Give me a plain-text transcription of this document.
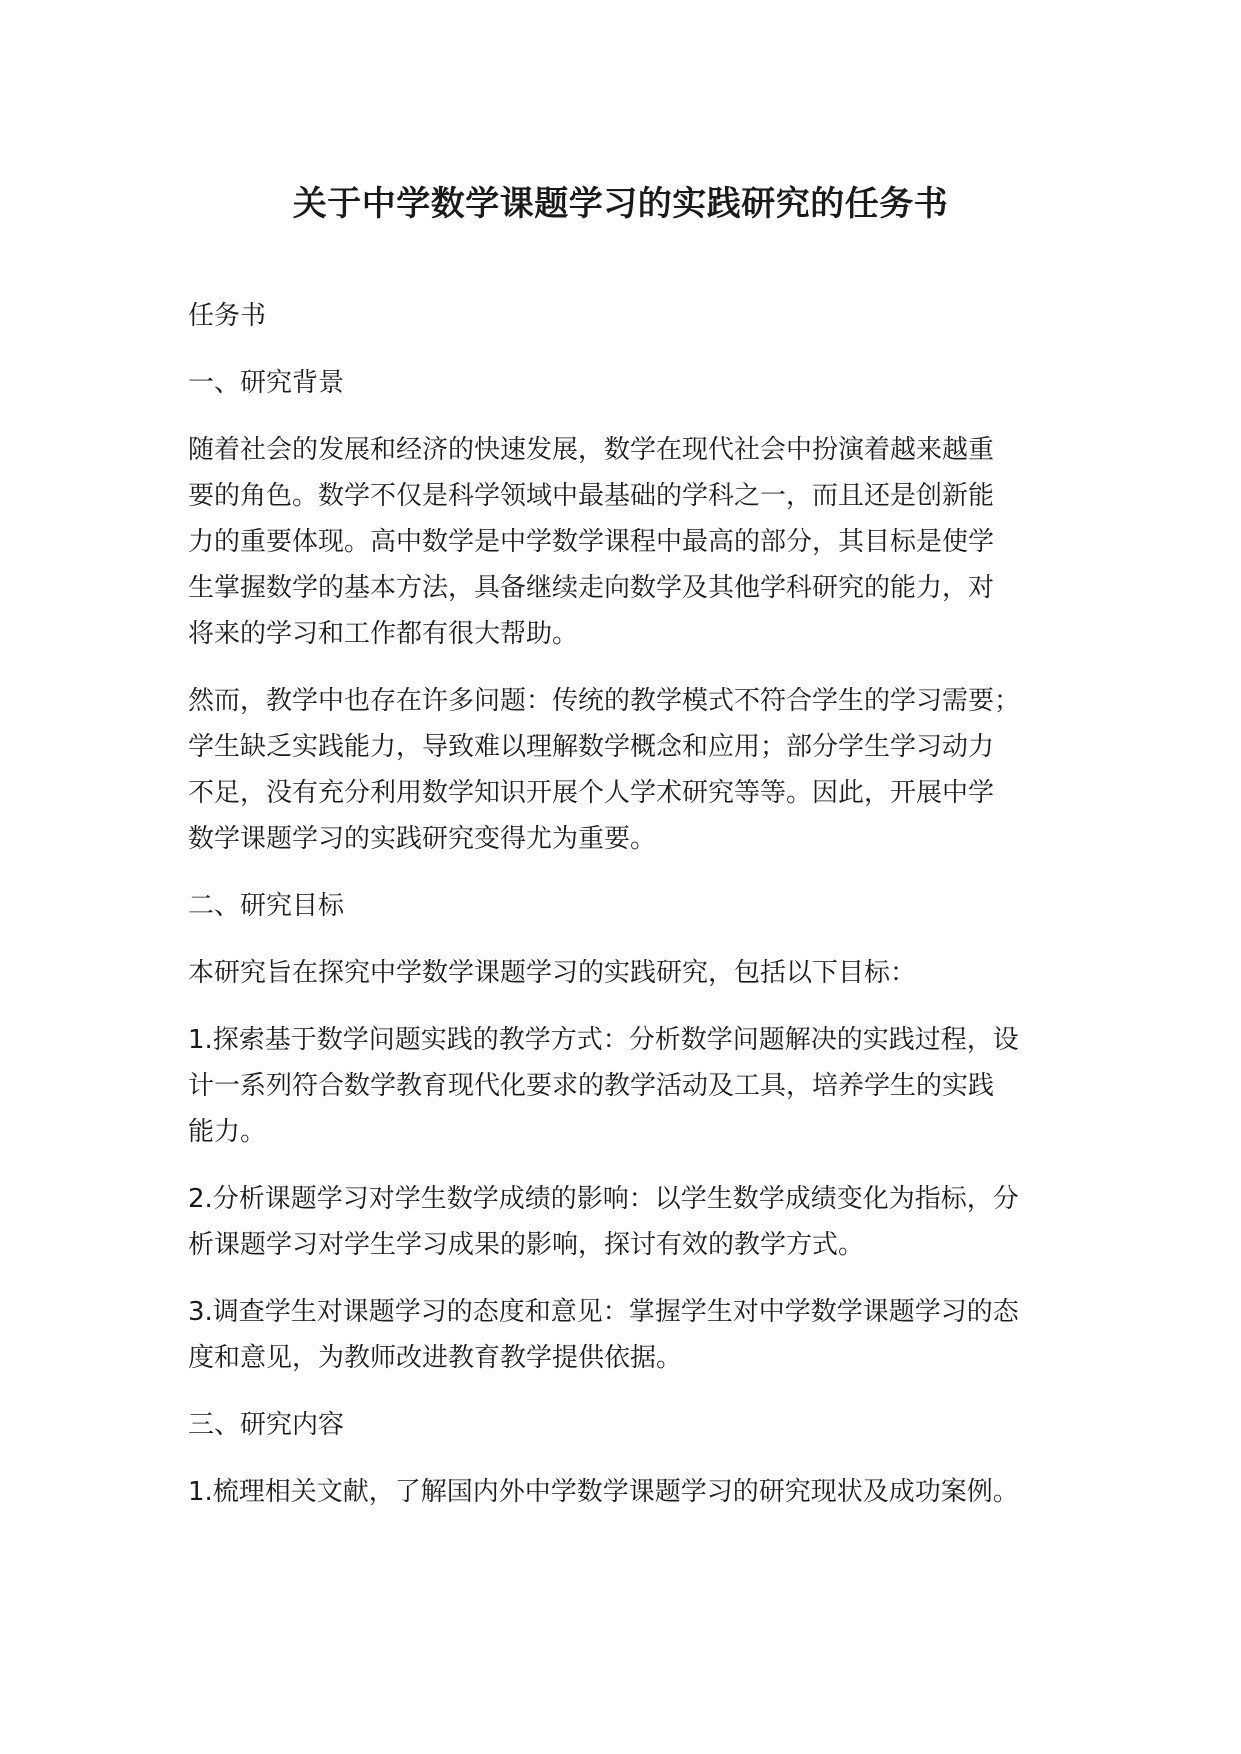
关于中学数学课题学习的实践研究的任务书

任务书

一、研究背景

随着社会的发展和经济的快速发展，数学在现代社会中扮演着越来越重
要的角色。数学不仅是科学领域中最基础的学科之一，而且还是创新能
力的重要体现。高中数学是中学数学课程中最高的部分，其目标是使学
生掌握数学的基本方法，具备继续走向数学及其他学科研究的能力，对
将来的学习和工作都有很大帮助。

然而，教学中也存在许多问题：传统的教学模式不符合学生的学习需要；
学生缺乏实践能力，导致难以理解数学概念和应用；部分学生学习动力
不足，没有充分利用数学知识开展个人学术研究等等。因此，开展中学
数学课题学习的实践研究变得尤为重要。

二、研究目标

本研究旨在探究中学数学课题学习的实践研究，包括以下目标：

1.探索基于数学问题实践的教学方式：分析数学问题解决的实践过程，设
计一系列符合数学教育现代化要求的教学活动及工具，培养学生的实践
能力。

2.分析课题学习对学生数学成绩的影响：以学生数学成绩变化为指标，分
析课题学习对学生学习成果的影响，探讨有效的教学方式。

3.调查学生对课题学习的态度和意见：掌握学生对中学数学课题学习的态
度和意见，为教师改进教育教学提供依据。

三、研究内容

1.梳理相关文献，了解国内外中学数学课题学习的研究现状及成功案例。
